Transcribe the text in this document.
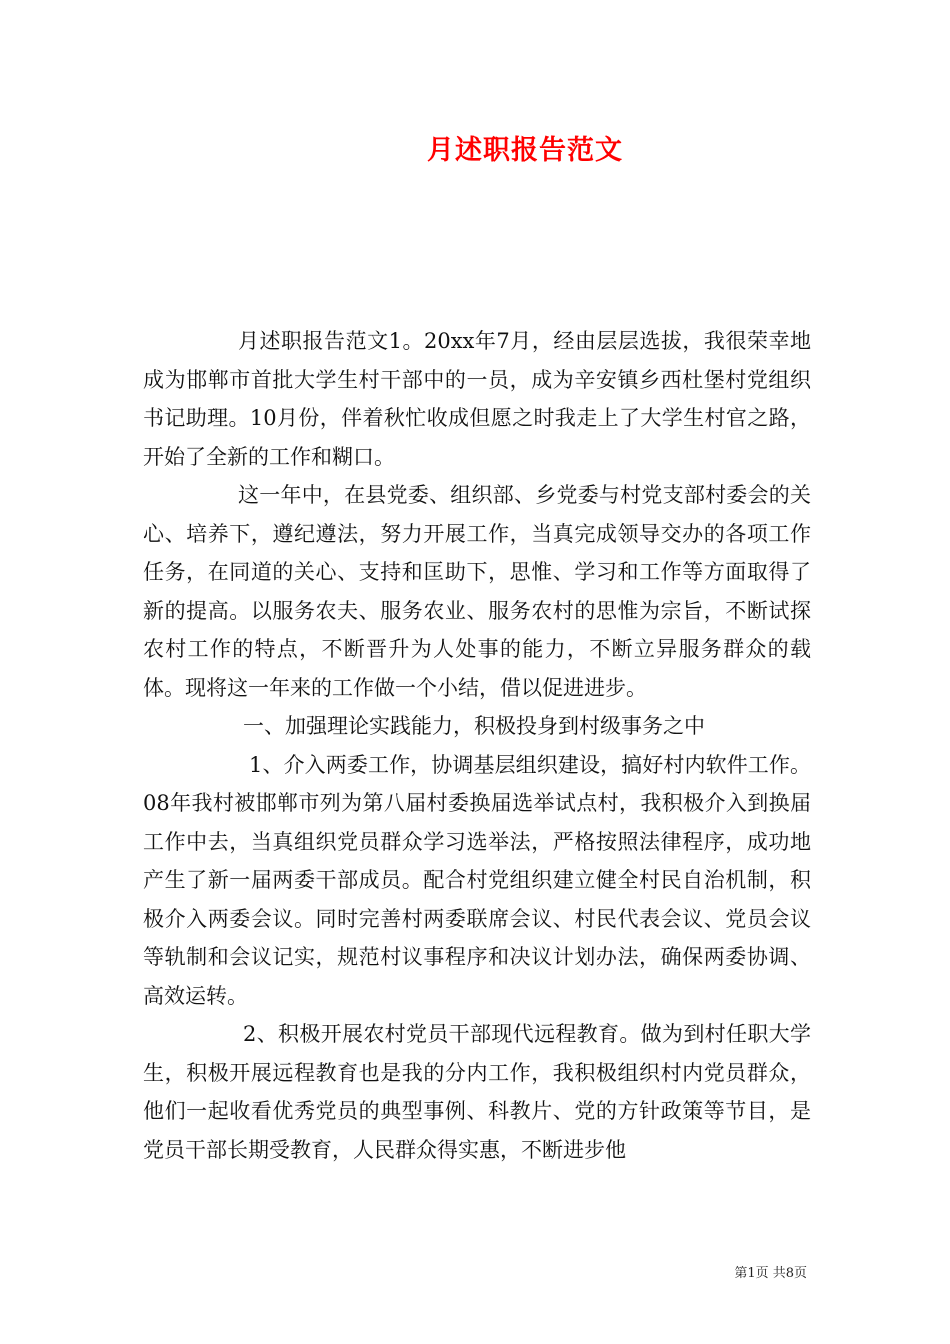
月述职报告范文

月述职报告范文1。20xx年7月，经由层层选拔，我很荣幸地成为邯郸市首批大学生村干部中的一员，成为辛安镇乡西杜堡村党组织书记助理。10月份，伴着秋忙收成但愿之时我走上了大学生村官之路，开始了全新的工作和糊口。

这一年中，在县党委、组织部、乡党委与村党支部村委会的关心、培养下，遵纪遵法，努力开展工作，当真完成领导交办的各项工作任务，在同道的关心、支持和匡助下，思惟、学习和工作等方面取得了新的提高。以服务农夫、服务农业、服务农村的思惟为宗旨，不断试探农村工作的特点，不断晋升为人处事的能力，不断立异服务群众的载体。现将这一年来的工作做一个小结，借以促进进步。

一、加强理论实践能力，积极投身到村级事务之中

1、介入两委工作，协调基层组织建设，搞好村内软件工作。08年我村被邯郸市列为第八届村委换届选举试点村，我积极介入到换届工作中去，当真组织党员群众学习选举法，严格按照法律程序，成功地产生了新一届两委干部成员。配合村党组织建立健全村民自治机制，积极介入两委会议。同时完善村两委联席会议、村民代表会议、党员会议等轨制和会议记实，规范村议事程序和决议计划办法，确保两委协调、高效运转。

2、积极开展农村党员干部现代远程教育。做为到村任职大学生，积极开展远程教育也是我的分内工作，我积极组织村内党员群众，他们一起收看优秀党员的典型事例、科教片、党的方针政策等节目，是党员干部长期受教育，人民群众得实惠，不断进步他

第1页 共8页
